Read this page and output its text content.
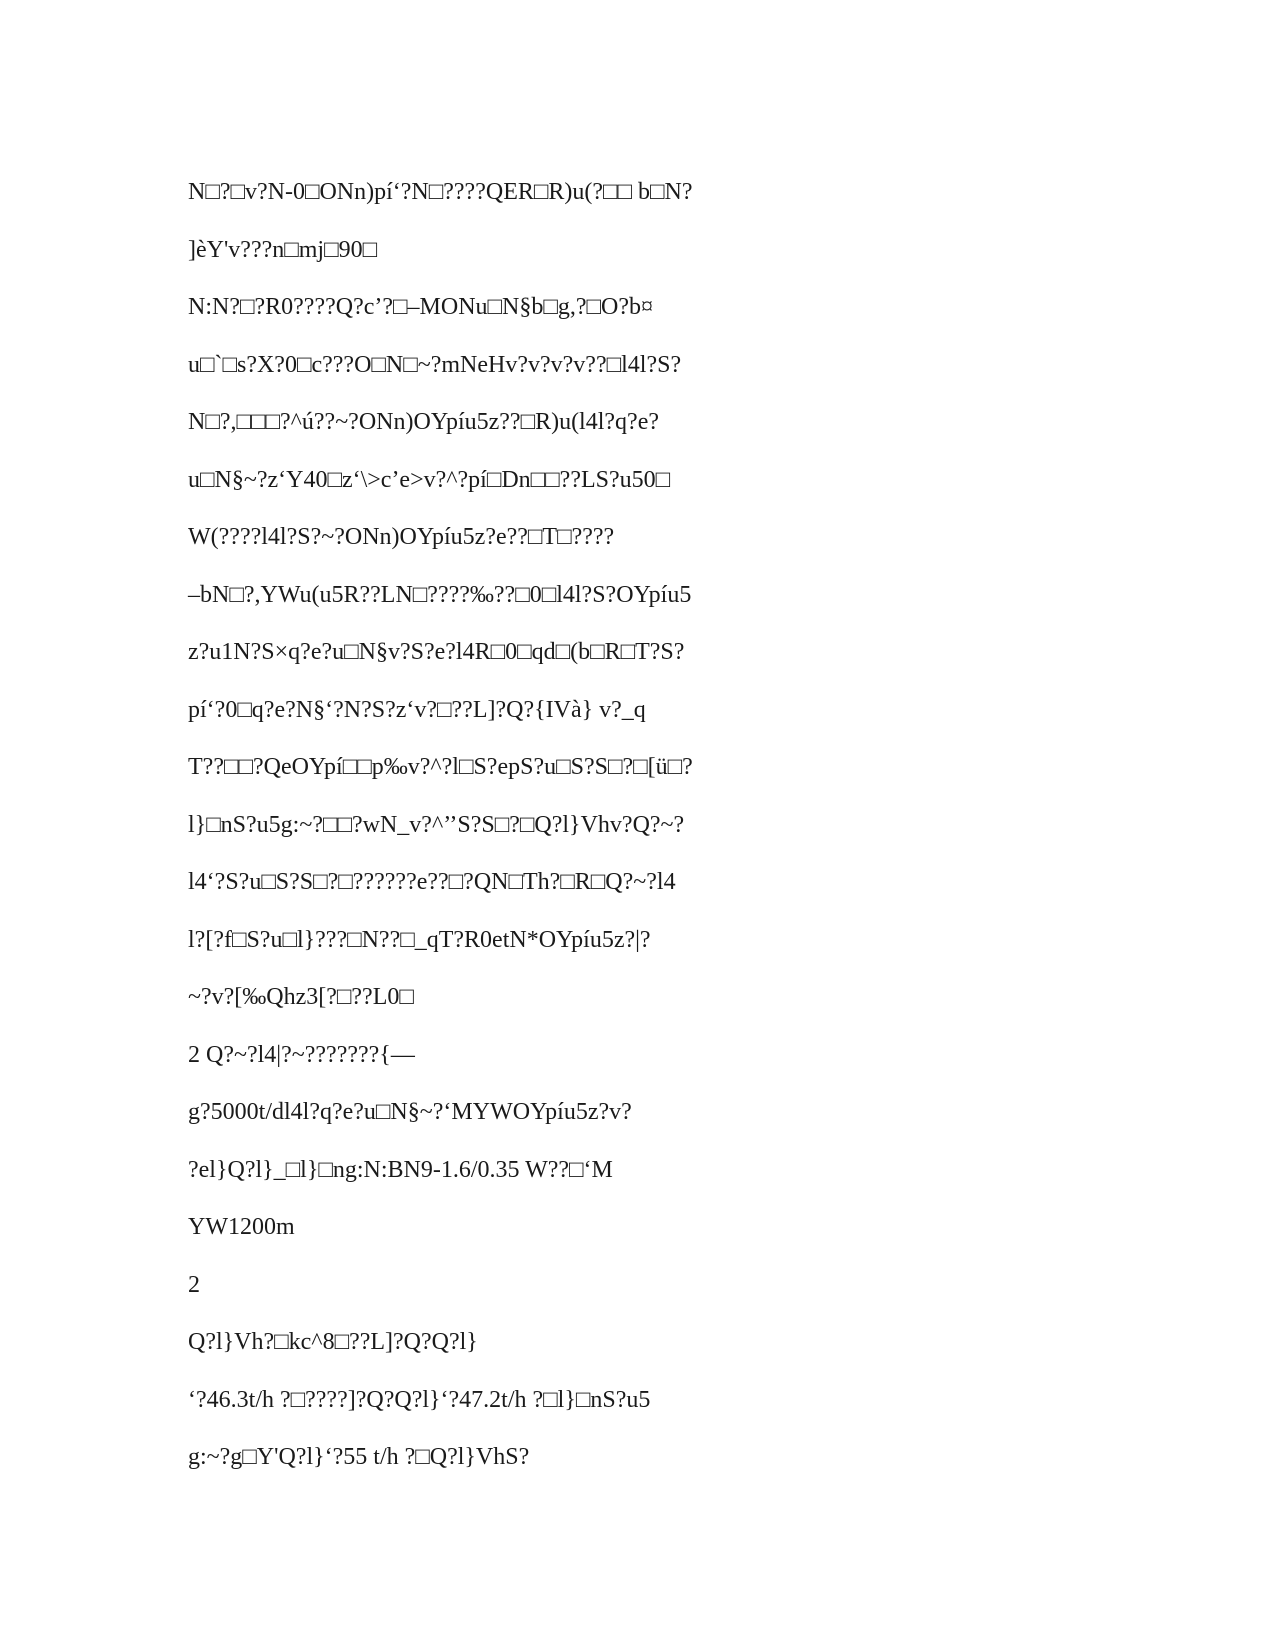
N□?□v?N-0□ONn)pí‘?N□????QER□R)u(?□□ b□N?
]èY'v???n□mj□90□
N:N?□?R0????Q?c’?□–MONu□N§b□g,?□O?b¤
u□`□s?X?0□c???O□N□~?mNeHv?v?v?v??□l4l?S?
N□?,□□□?^ú??~?ONn)OYpíu5z??□R)u(l4l?q?e?
u□N§~?z‘Y40□z‘\>c’e>v?^?pí□Dn□□??LS?u50□
W(????l4l?S?~?ONn)OYpíu5z?e??□T□????
–bN□?,YWu(u5R??LN□????‰??□0□l4l?S?OYpíu5
z?u1N?S×q?e?u□N§v?S?e?l4R□0□qd□(b□R□T?S?
pí‘?0□q?e?N§‘?N?S?z‘v?□??L]?Q?{IVà} v?_q
T??□□?QeOYpí□□p‰v?^?l□S?epS?u□S?S□?□[ü□?
l}□nS?u5g:~?□□?wN_v?^’’S?S□?□Q?l}Vhv?Q?~?
l4‘?S?u□S?S□?□??????e??□?QN□Th?□R□Q?~?l4
l?[?f□S?u□l}???□N??□_qT?R0etN*OYpíu5z?|?
~?v?[‰Qhz3[?□??L0□
2 Q?~?l4|?~???????{—
g?5000t/dl4l?q?e?u□N§~?‘MYWOYpíu5z?v?
?el}Q?l}_□l}□ng:N:BN9-1.6/0.35 W??□‘M
YW1200m
2
Q?l}Vh?□kc^8□??L]?Q?Q?l}
‘?46.3t/h ?□????]?Q?Q?l}‘?47.2t/h ?□l}□nS?u5
g:~?g□Y'Q?l}‘?55 t/h ?□Q?l}VhS?
